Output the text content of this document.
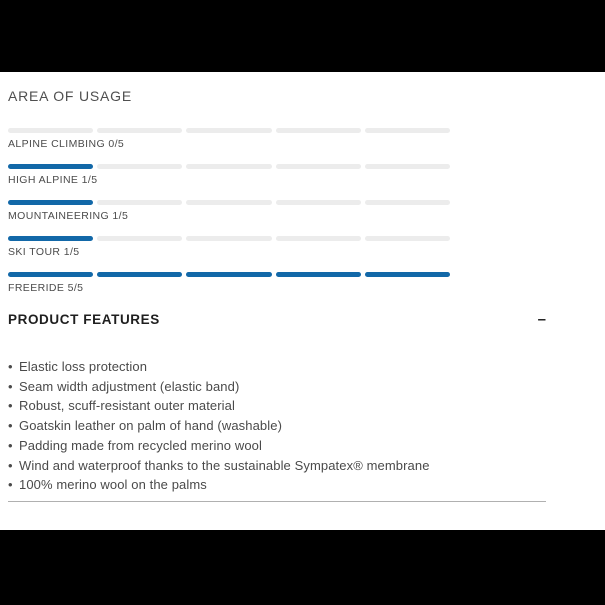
AREA OF USAGE
ALPINE CLIMBING 0/5
HIGH ALPINE 1/5
MOUNTAINEERING 1/5
SKI TOUR 1/5
FREERIDE 5/5
PRODUCT FEATURES	–
• Elastic loss protection
• Seam width adjustment (elastic band)
• Robust, scuff-resistant outer material
• Goatskin leather on palm of hand (washable)
• Padding made from recycled merino wool
• Wind and waterproof thanks to the sustainable Sympatex® membrane
• 100% merino wool on the palms
